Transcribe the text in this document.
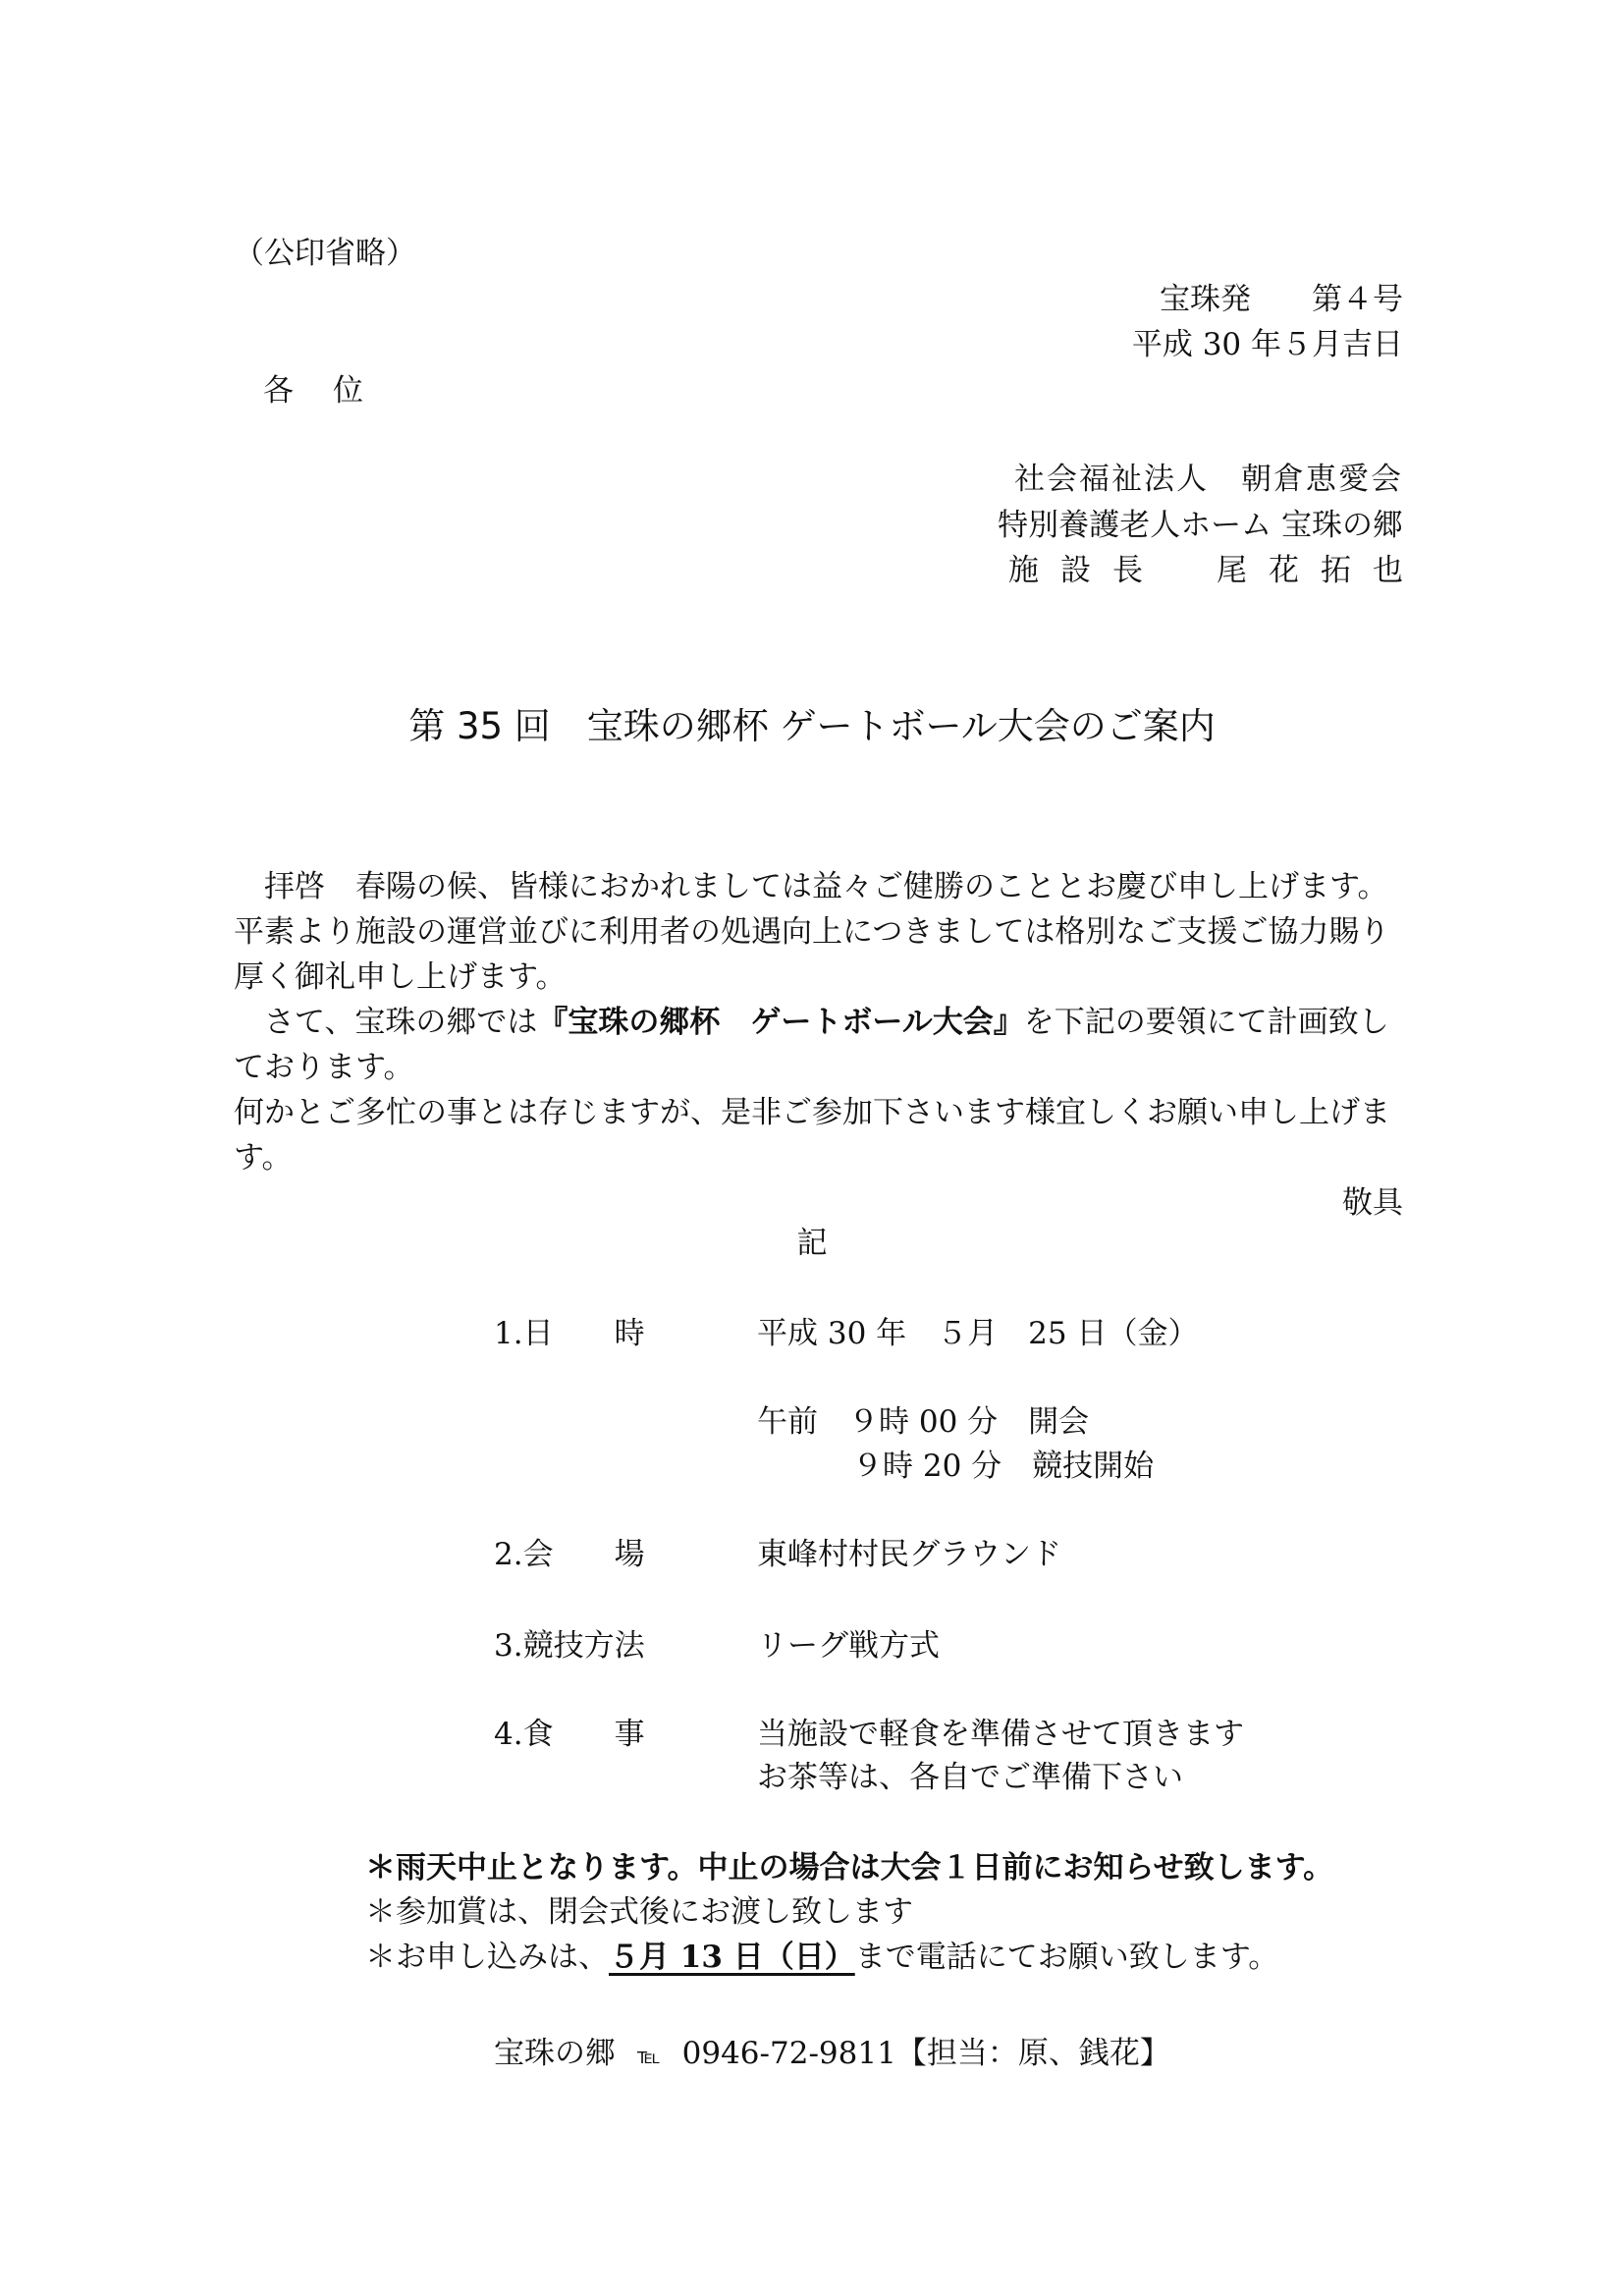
（公印省略）
宝珠発　　第４号
平成 30 年５月吉日
各位
社会福祉法人　朝倉恵愛会
特別養護老人ホーム 宝珠の郷
施設長　尾花拓也
第 35 回　宝珠の郷杯 ゲートボール大会のご案内

拝啓　春陽の候、皆様におかれましては益々ご健勝のこととお慶び申し上げます。

平素より施設の運営並びに利用者の処遇向上につきましては格別なご支援ご協力賜り厚く御礼申し上げます。

さて、宝珠の郷では『宝珠の郷杯　ゲートボール大会』を下記の要領にて計画致しております。

何かとご多忙の事とは存じますが、是非ご参加下さいます様宜しくお願い申し上げます。

敬具

記
1.日　　時	平成 30 年　５月　25 日（金）
午前　９時 00 分　開会
９時 20 分　競技開始
2.会　　場	東峰村村民グラウンド
3.競技方法	リーグ戦方式
4.食　　事	当施設で軽食を準備させて頂きます
お茶等は、各自でご準備下さい
＊雨天中止となります。中止の場合は大会１日前にお知らせ致します。
＊参加賞は、閉会式後にお渡し致します
＊お申し込みは、５月 13 日（日）まで電話にてお願い致します。
宝珠の郷 ℡ 0946-72-9811【担当：原、銭花】
